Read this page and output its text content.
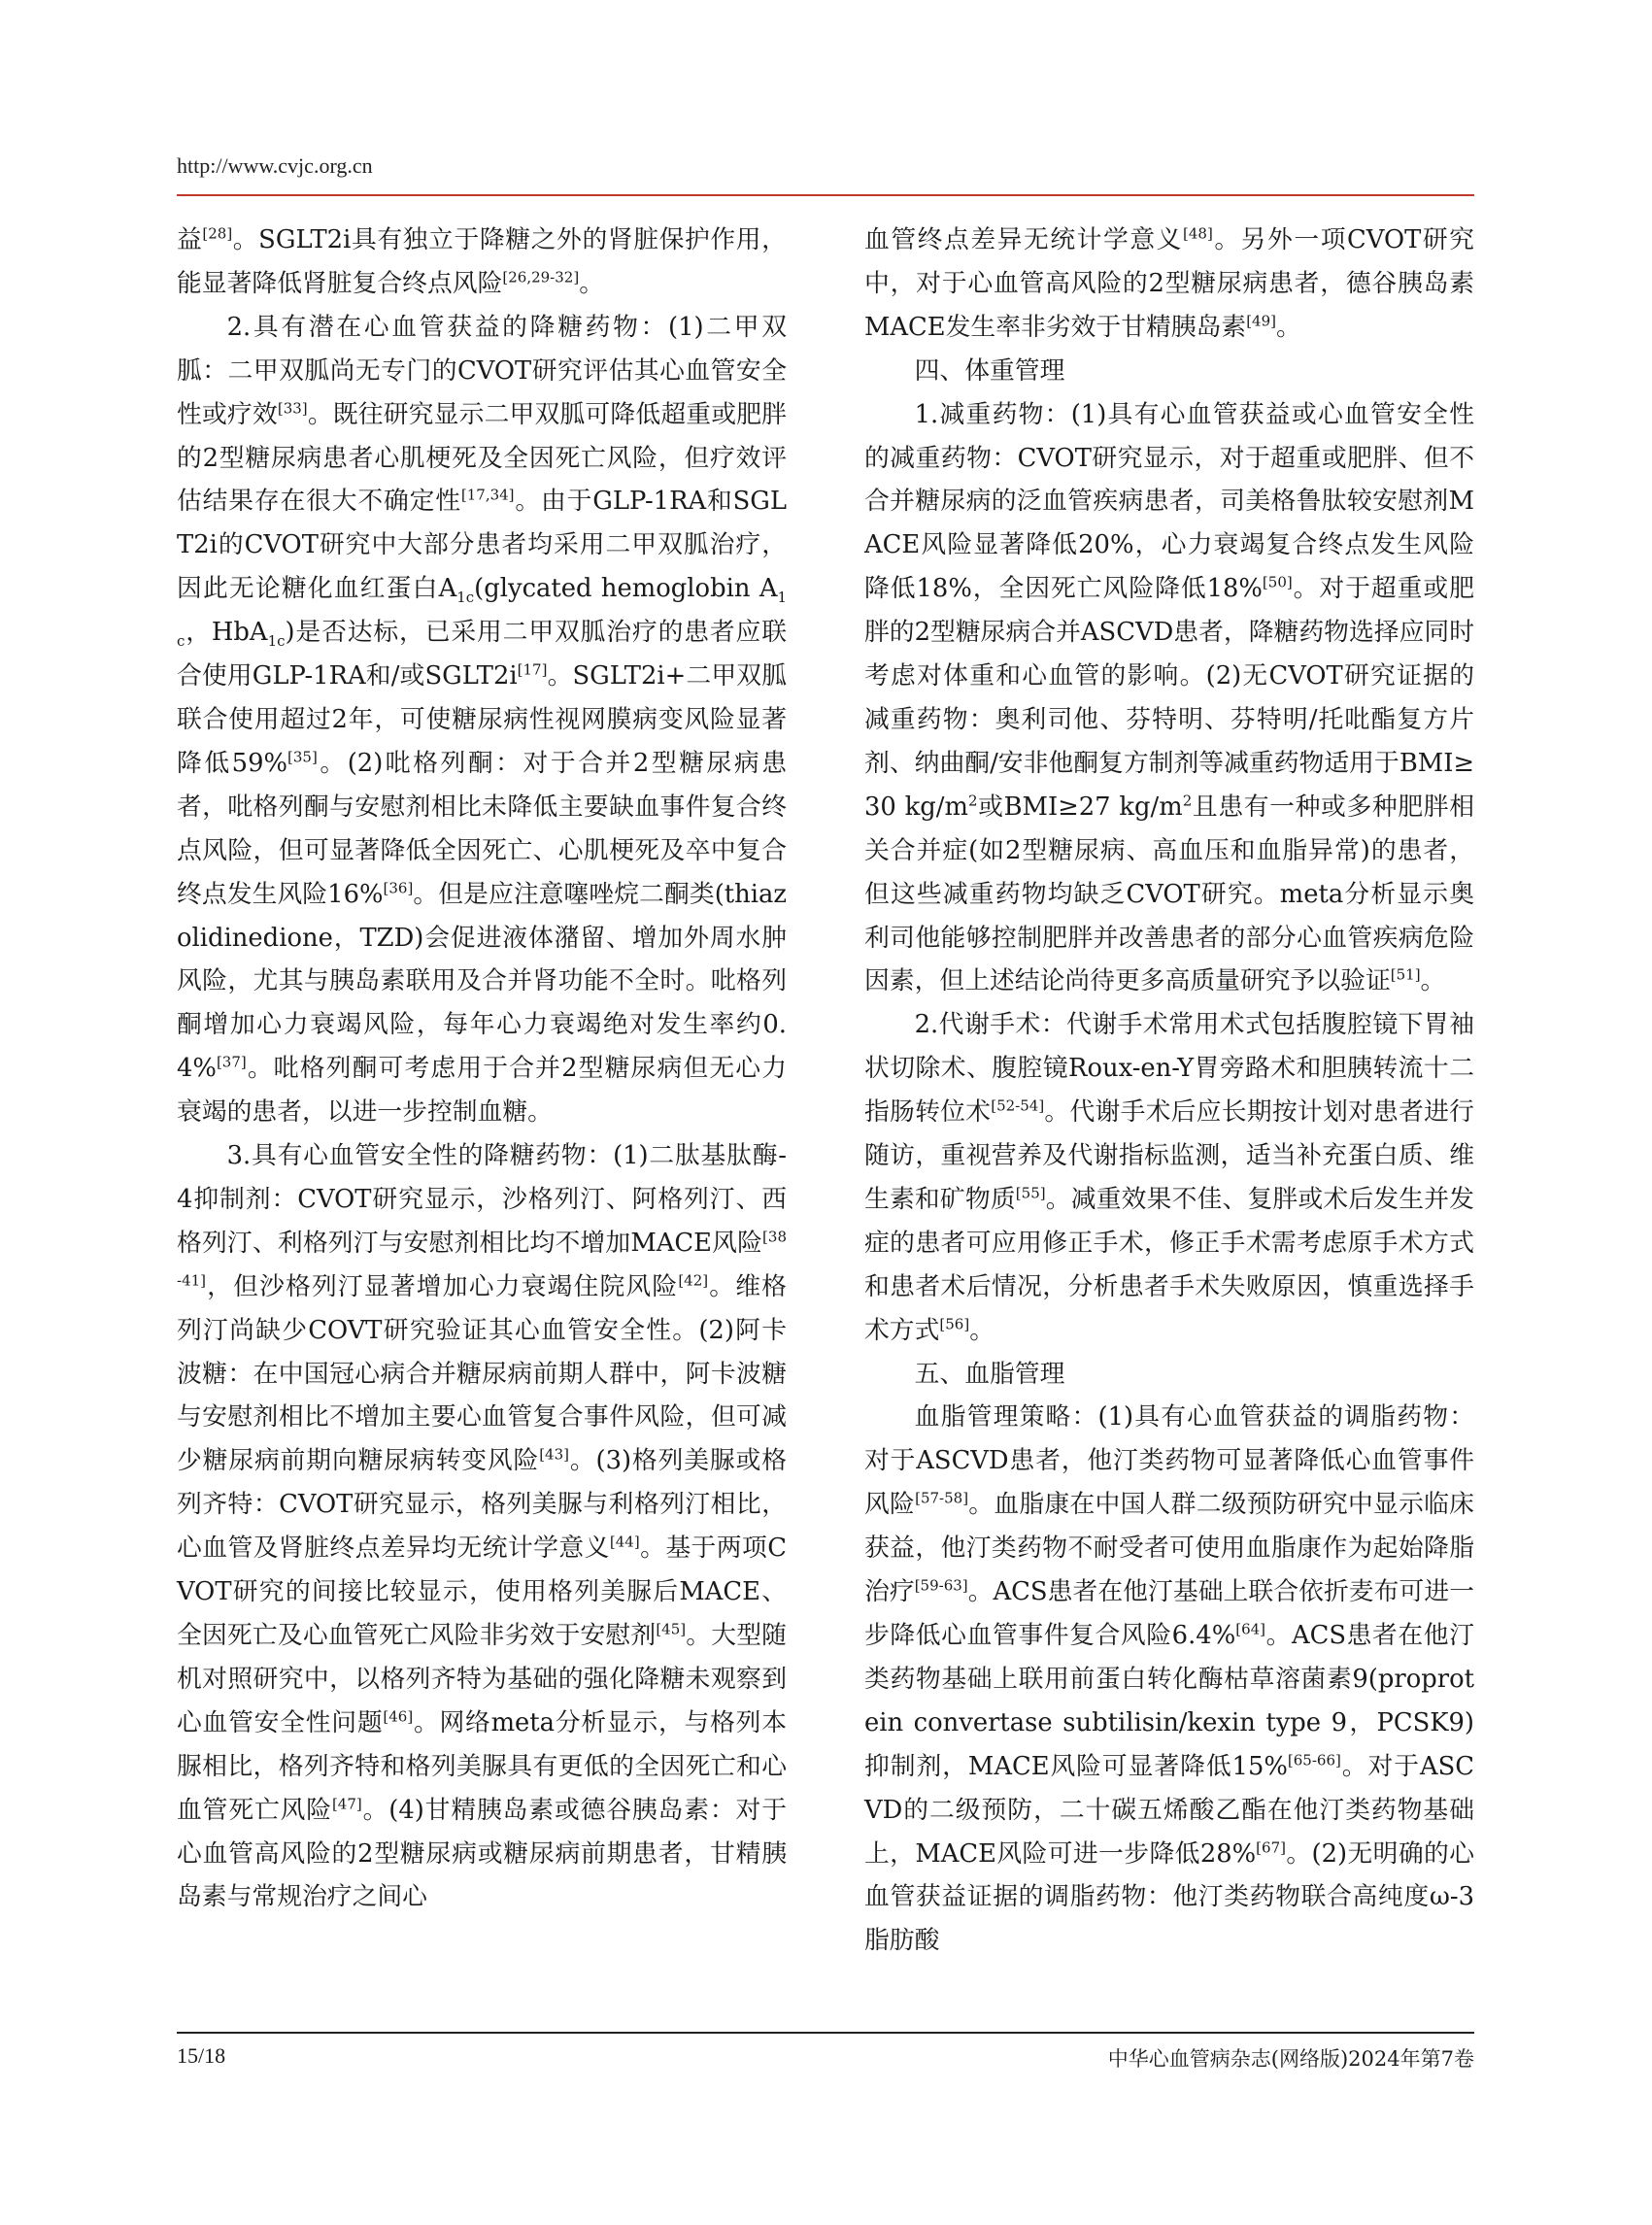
http://www.cvjc.org.cn

益[28]。SGLT2i具有独立于降糖之外的肾脏保护作用，能显著降低肾脏复合终点风险[26,29-32]。

2.具有潜在心血管获益的降糖药物：(1)二甲双胍：二甲双胍尚无专门的CVOT研究评估其心血管安全性或疗效[33]。既往研究显示二甲双胍可降低超重或肥胖的2型糖尿病患者心肌梗死及全因死亡风险，但疗效评估结果存在很大不确定性[17,34]。由于GLP-1RA和SGLT2i的CVOT研究中大部分患者均采用二甲双胍治疗，因此无论糖化血红蛋白$A_{1c}(glycated$ hemoglobin $A_{1c}$，HbA$_{1c}$)是否达标，已采用二甲双胍治疗的患者应联合使用GLP-1RA和/或SGLT2i[17]。SGLT2i+二甲双胍联合使用超过2年，可使糖尿病性视网膜病变风险显著降低59%[35]。(2)吡格列酮：对于合并2型糖尿病患者，吡格列酮与安慰剂相比未降低主要缺血事件复合终点风险，但可显著降低全因死亡、心肌梗死及卒中复合终点发生风险16%[36]。但是应注意噻唑烷二酮类(thiazolidinedione，TZD)会促进液体潴留、增加外周水肿风险，尤其与胰岛素联用及合并肾功能不全时。吡格列酮增加心力衰竭风险，每年心力衰竭绝对发生率约0.4%[37]。吡格列酮可考虑用于合并2型糖尿病但无心力衰竭的患者，以进一步控制血糖。

3.具有心血管安全性的降糖药物：(1)二肽基肽酶-4抑制剂：CVOT研究显示，沙格列汀、阿格列汀、西格列汀、利格列汀与安慰剂相比均不增加MACE风险[38-41]，但沙格列汀显著增加心力衰竭住院风险[42]。维格列汀尚缺少COVT研究验证其心血管安全性。(2)阿卡波糖：在中国冠心病合并糖尿病前期人群中，阿卡波糖与安慰剂相比不增加主要心血管复合事件风险，但可减少糖尿病前期向糖尿病转变风险[43]。(3)格列美脲或格列齐特：CVOT研究显示，格列美脲与利格列汀相比，心血管及肾脏终点差异均无统计学意义[44]。基于两项CVOT研究的间接比较显示，使用格列美脲后MACE、全因死亡及心血管死亡风险非劣效于安慰剂[45]。大型随机对照研究中，以格列齐特为基础的强化降糖未观察到心血管安全性问题[46]。网络meta分析显示，与格列本脲相比，格列齐特和格列美脲具有更低的全因死亡和心血管死亡风险[47]。(4)甘精胰岛素或德谷胰岛素：对于心血管高风险的2型糖尿病或糖尿病前期患者，甘精胰岛素与常规治疗之间心

血管终点差异无统计学意义[48]。另外一项CVOT研究中，对于心血管高风险的2型糖尿病患者，德谷胰岛素MACE发生率非劣效于甘精胰岛素[49]。

四、体重管理

1.减重药物：(1)具有心血管获益或心血管安全性的减重药物：CVOT研究显示，对于超重或肥胖、但不合并糖尿病的泛血管疾病患者，司美格鲁肽较安慰剂MACE风险显著降低20%，心力衰竭复合终点发生风险降低18%，全因死亡风险降低18%[50]。对于超重或肥胖的2型糖尿病合并ASCVD患者，降糖药物选择应同时考虑对体重和心血管的影响。(2)无CVOT研究证据的减重药物：奥利司他、芬特明、芬特明/托吡酯复方片剂、纳曲酮/安非他酮复方制剂等减重药物适用于BMI≥30 $kg/m^2$或BMI≥27 $kg/m^2$且患有一种或多种肥胖相关合并症(如2型糖尿病、高血压和血脂异常)的患者，但这些减重药物均缺乏CVOT研究。meta分析显示奥利司他能够控制肥胖并改善患者的部分心血管疾病危险因素，但上述结论尚待更多高质量研究予以验证[51]。

2.代谢手术：代谢手术常用术式包括腹腔镜下胃袖状切除术、腹腔镜Roux-en-Y胃旁路术和胆胰转流十二指肠转位术[52-54]。代谢手术后应长期按计划对患者进行随访，重视营养及代谢指标监测，适当补充蛋白质、维生素和矿物质[55]。减重效果不佳、复胖或术后发生并发症的患者可应用修正手术，修正手术需考虑原手术方式和患者术后情况，分析患者手术失败原因，慎重选择手术方式[56]。

五、血脂管理

血脂管理策略：(1)具有心血管获益的调脂药物：对于ASCVD患者，他汀类药物可显著降低心血管事件风险[57-58]。血脂康在中国人群二级预防研究中显示临床获益，他汀类药物不耐受者可使用血脂康作为起始降脂治疗[59-63]。ACS患者在他汀基础上联合依折麦布可进一步降低心血管事件复合风险6.4%[64]。ACS患者在他汀类药物基础上联用前蛋白转化酶枯草溶菌素9(proprotein convertase subtilisin/kexin type 9，PCSK9)抑制剂，MACE风险可显著降低15%[65-66]。对于ASCVD的二级预防，二十碳五烯酸乙酯在他汀类药物基础上，MACE风险可进一步降低28%[67]。(2)无明确的心血管获益证据的调脂药物：他汀类药物联合高纯度ω-3脂肪酸

15/18	中华心血管病杂志(网络版)2024年第7卷
